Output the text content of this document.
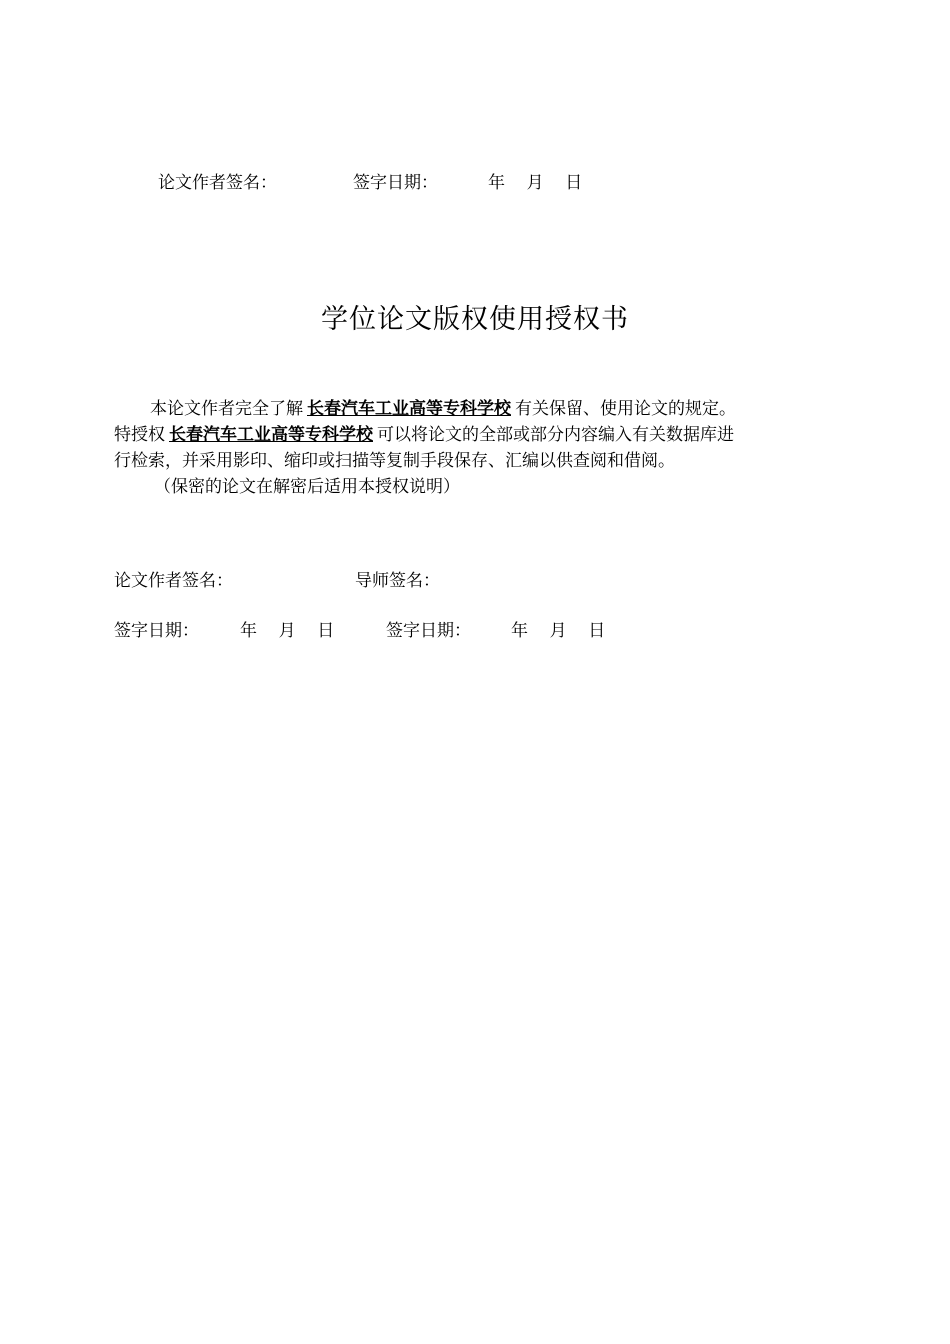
论文作者签名：	签字日期：	年    月    日
学位论文版权使用授权书
本论文作者完全了解 长春汽车工业高等专科学校 有关保留、使用论文的规定。
特授权 长春汽车工业高等专科学校 可以将论文的全部或部分内容编入有关数据库进
行检索，并采用影印、缩印或扫描等复制手段保存、汇编以供查阅和借阅。
（保密的论文在解密后适用本授权说明）
论文作者签名：	导师签名：
签字日期： 年    月    日	签字日期： 年    月    日
